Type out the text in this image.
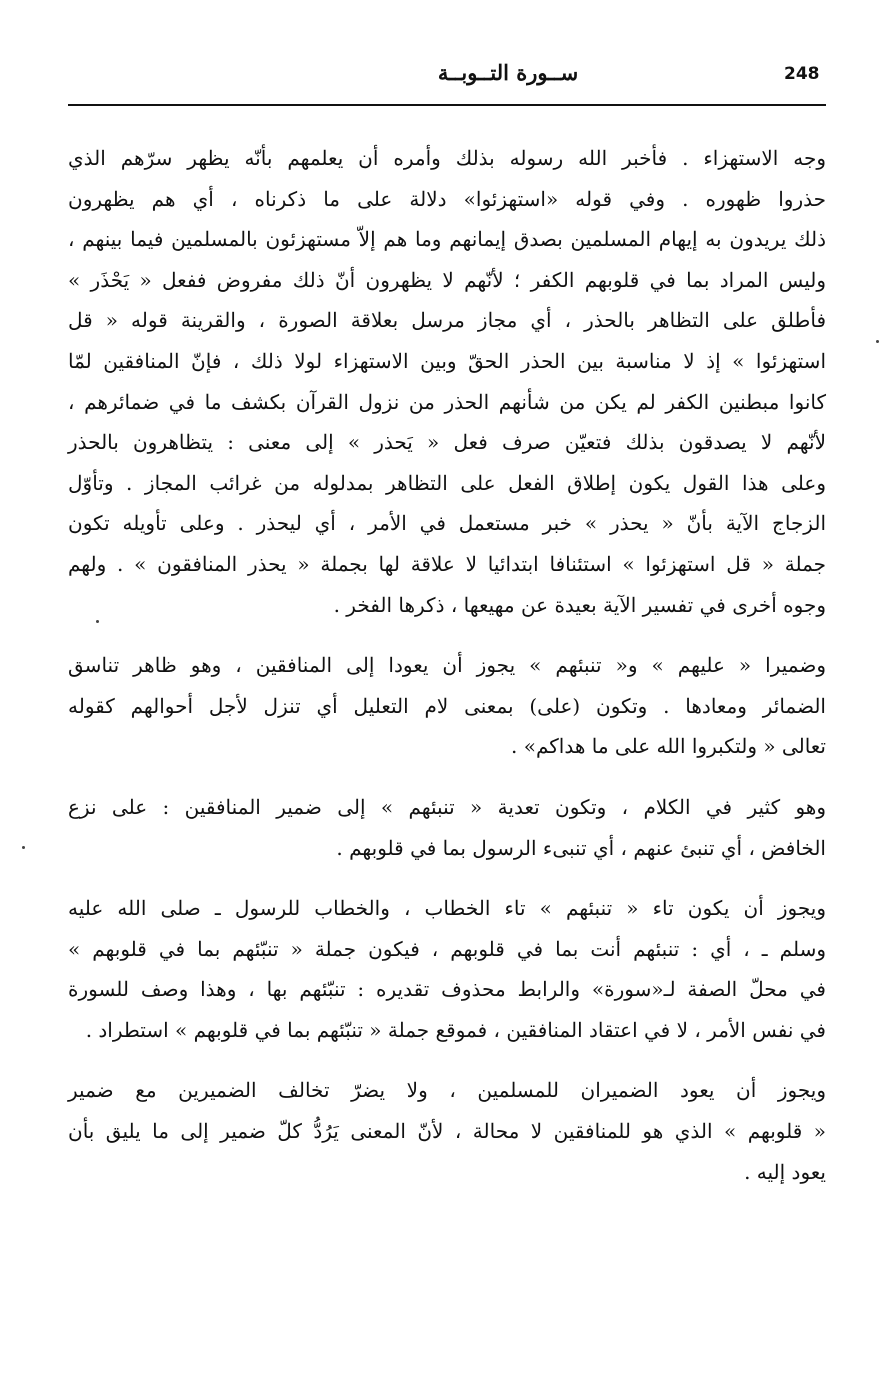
248
ســورة التــوبــة

وجه الاستهزاء . فأخبر الله رسوله بذلك وأمره أن يعلمهم بأنّه يظهر سرّهم الذي
حذروا ظهوره . وفي قوله «استهزئوا» دلالة على ما ذكرناه ، أي هم يظهرون
ذلك يريدون به إيهام المسلمين بصدق إيمانهم وما هم إلاّ مستهزئون بالمسلمين فيما بينهم ،
وليس المراد بما في قلوبهم الكفر ؛ لأنّهم لا يظهرون أنّ ذلك مفروض ففعل « يَحْذَر »
فأطلق على التظاهر بالحذر ، أي مجاز مرسل بعلاقة الصورة ، والقرينة قوله « قل
استهزئوا » إذ لا مناسبة بين الحذر الحقّ وبين الاستهزاء لولا ذلك ، فإنّ المنافقين لمّا
كانوا مبطنين الكفر لم يكن من شأنهم الحذر من نزول القرآن بكشف ما في ضمائرهم ،
لأنّهم لا يصدقون بذلك فتعيّن صرف فعل « يَحذر » إلى معنى : يتظاهرون بالحذر
وعلى هذا القول يكون إطلاق الفعل على التظاهر بمدلوله من غرائب المجاز . وتأوّل
الزجاج الآية بأنّ « يحذر » خبر مستعمل في الأمر ، أي ليحذر . وعلى تأويله تكون
جملة « قل استهزئوا » استئنافا ابتدائيا لا علاقة لها بجملة « يحذر المنافقون » . ولهم
وجوه أخرى في تفسير الآية بعيدة عن مهيعها ، ذكرها الفخر .

وضميرا « عليهم » و« تنبئهم » يجوز أن يعودا إلى المنافقين ، وهو ظاهر تناسق
الضمائر ومعادها . وتكون (على) بمعنى لام التعليل أي تنزل لأجل أحوالهم كقوله
تعالى « ولتكبروا الله على ما هداكم» .

وهو كثير في الكلام ، وتكون تعدية « تنبئهم » إلى ضمير المنافقين : على نزع
الخافض ، أي تنبئ عنهم ، أي تنبىء الرسول بما في قلوبهم .

ويجوز أن يكون تاء « تنبئهم » تاء الخطاب ، والخطاب للرسول ـ صلى الله عليه
وسلم ـ ، أي : تنبئهم أنت بما في قلوبهم ، فيكون جملة « تنبّئهم بما في قلوبهم »
في محلّ الصفة لـ«سورة» والرابط محذوف تقديره : تنبّئهم بها ، وهذا وصف للسورة
في نفس الأمر ، لا في اعتقاد المنافقين ، فموقع جملة « تنبّئهم بما في قلوبهم » استطراد .

ويجوز أن يعود الضميران للمسلمين ، ولا يضرّ تخالف الضميرين مع ضمير
« قلوبهم » الذي هو للمنافقين لا محالة ، لأنّ المعنى يَرُدُّ كلّ ضمير إلى ما يليق بأن
يعود إليه .
